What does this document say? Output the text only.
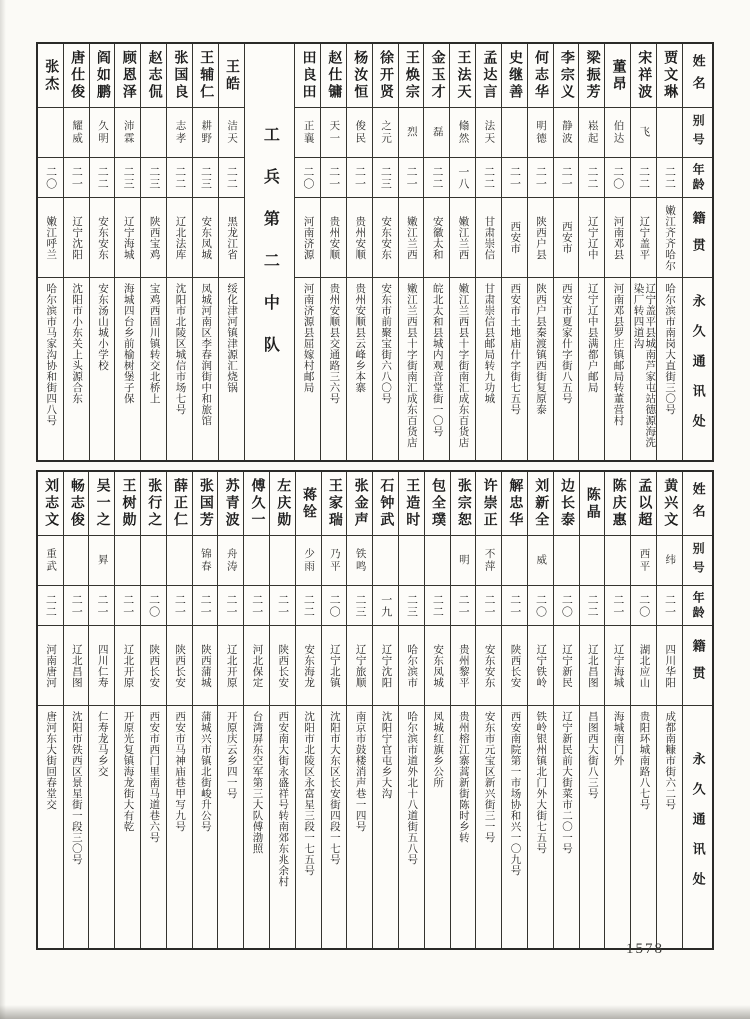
姓名
别号
年龄
籍贯
永久通讯处
贾文琳
二二
嫩江齐齐哈尔
哈尔滨市南岗大直街三〇号
宋祥波
飞
二二
辽宁盖平
辽宁盖平县城南芦家屯站德源海洗染厂转四道沟
董昂
伯达
二〇
河南邓县
河南邓县罗庄镇邮局转董营村
梁振芳
崧起
二二
辽宁辽中
辽宁辽中县满都户邮局
李宗义
静波
二一
西安市
西安市夏家什字街八五号
何志华
明德
二一
陕西户县
陕西户县秦渡镇西街复原泰
史继善
二一
西安市
西安市土地庙什字街七五号
孟达言
法天
二二
甘肃崇信
甘肃崇信县邮局转九功城
王法天
翛然
一八
嫩江兰西
嫩江兰西县十字街南汇成东百货店
金玉才
磊
二二
安徽太和
皖北太和县城内观音堂街一〇号
王焕宗
烈
二一
嫩江兰西
嫩江兰西县十字街南汇成东百货店
徐开贤
之元
二三
安东安东
安东市前聚宝街六八〇号
杨汝恒
俊民
二一
贵州安顺
贵州安顺县云峰乡本寨
赵仕镛
天一
二一
贵州安顺
贵州安顺县交通路三六号
田良田
正襄
二〇
河南济源
河南济源县屈嫁村邮局
工兵第二中队
王皓
洁天
二二
黑龙江省
绥化津河镇津源汇烧锅
王辅仁
耕野
二三
安东凤城
凤城河南区李春润街中和旅馆
张国良
志孝
二二
辽北法库
沈阳市北陵区城信市场七号
赵志侃
二三
陕西宝鸡
宝鸡西固川镇转交北桥上
顾恩泽
沛霖
二三
辽宁海城
海城四台乡前榆树堡子保
阎如鹏
久明
二二
安东安东
安东汤山城小学校
唐仕俊
耀威
二一
辽宁沈阳
沈阳市小东关上头源合东
张杰
二〇
嫩江呼兰
哈尔滨市马家沟协和街四八号
姓名
别号
年龄
籍贯
永久通讯处
黄兴文
纬
二一
四川华阳
成都南糠市街六二号
孟以超
西平
二〇
湖北应山
贵阳环城南路八七号
陈庆惠
二一
辽宁海城
海城南门外
陈晶
二二
辽北昌图
昌图西大街八三号
边长泰
二〇
辽宁新民
辽宁新民前大街菜市二〇一号
刘新全
威
二〇
辽宁铁岭
铁岭银州镇北门外大街七五号
解忠华
二一
陕西长安
西安南院第一市场协和兴一〇九号
许崇正
不萍
二一
安东安东
安东市元宝区新兴街三一号
张宗恕
明
二一
贵州黎平
贵州榕江寨蒿新街陈时乡转
包全璞
二二
安东凤城
凤城红旗乡公所
王造时
二三
哈尔滨市
哈尔滨市道外北十八道街五八号
石钟武
一九
辽宁沈阳
沈阳宁官屯乡大沟
张金声
铁鸣
二三
辽宁旅顺
南京市鼓楼消声巷一四号
王家瑞
乃平
二〇
辽宁北镇
沈阳市大东区长安街四段一七号
蒋铨
少雨
二二
安东海龙
沈阳市北陵区永富星三段一七五号
左庆勋
二一
陕西长安
西安南大街永盛祥号转南郊东兆余村
傅久一
二一
河北保定
台湾屏东空军第三大队傅渤照
苏青波
舟涛
二一
辽北开原
开原庆云乡四一号
张国芳
锦春
二一
陕西蒲城
蒲城兴市镇北街峻升公号
薛正仁
二一
陕西长安
西安市马神庙巷甲写九号
张行之
二〇
陕西长安
西安市西门里南马道巷六号
王树勋
二一
辽北开原
开原光复镇海龙街大有乾
吴一之
昪
二一
四川仁寿
仁寿龙马乡交
畅志俊
二一
辽北昌图
沈阳市铁西区景星街一段三〇号
刘志文
重武
二二
河南唐河
唐河东大街回春堂交
1578
